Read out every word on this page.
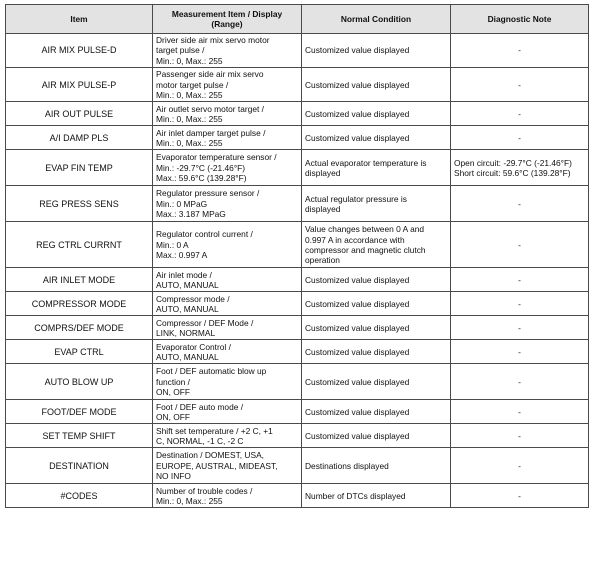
Item	Measurement Item / Display (Range)	Normal Condition	Diagnostic Note
AIR MIX PULSE-D	Driver side air mix servo motor
target pulse /
Min.: 0, Max.: 255	Customized value displayed	-

AIR MIX PULSE-P	Passenger side air mix servo
motor target pulse /
Min.: 0, Max.: 255	Customized value displayed	-

AIR OUT PULSE	Air outlet servo motor target /
Min.: 0, Max.: 255	Customized value displayed	-

A/I DAMP PLS	Air inlet damper target pulse /
Min.: 0, Max.: 255	Customized value displayed	-

EVAP FIN TEMP	Evaporator temperature sensor /
Min.: -29.7°C (-21.46°F)
Max.: 59.6°C (139.28°F)	Actual evaporator temperature is
displayed	Open circuit: -29.7°C (-21.46°F)
Short circuit: 59.6°C (139.28°F)

REG PRESS SENS	Regulator pressure sensor /
Min.: 0 MPaG
Max.: 3.187 MPaG	Actual regulator pressure is
displayed	-

REG CTRL CURRNT	Regulator control current /
Min.: 0 A
Max.: 0.997 A	Value changes between 0 A and
0.997 A in accordance with
compressor and magnetic clutch
operation	-

AIR INLET MODE	Air inlet mode /
AUTO, MANUAL	Customized value displayed	-

COMPRESSOR MODE	Compressor mode /
AUTO, MANUAL	Customized value displayed	-

COMPRS/DEF MODE	Compressor / DEF Mode /
LINK, NORMAL	Customized value displayed	-

EVAP CTRL	Evaporator Control /
AUTO, MANUAL	Customized value displayed	-

AUTO BLOW UP	Foot / DEF automatic blow up
function /
ON, OFF	Customized value displayed	-

FOOT/DEF MODE	Foot / DEF auto mode /
ON, OFF	Customized value displayed	-

SET TEMP SHIFT	Shift set temperature / +2 C, +1
C, NORMAL, -1 C, -2 C	Customized value displayed	-

DESTINATION	Destination / DOMEST, USA,
EUROPE, AUSTRAL, MIDEAST,
NO INFO	Destinations displayed	-

#CODES	Number of trouble codes /
Min.: 0, Max.: 255	Number of DTCs displayed	-
